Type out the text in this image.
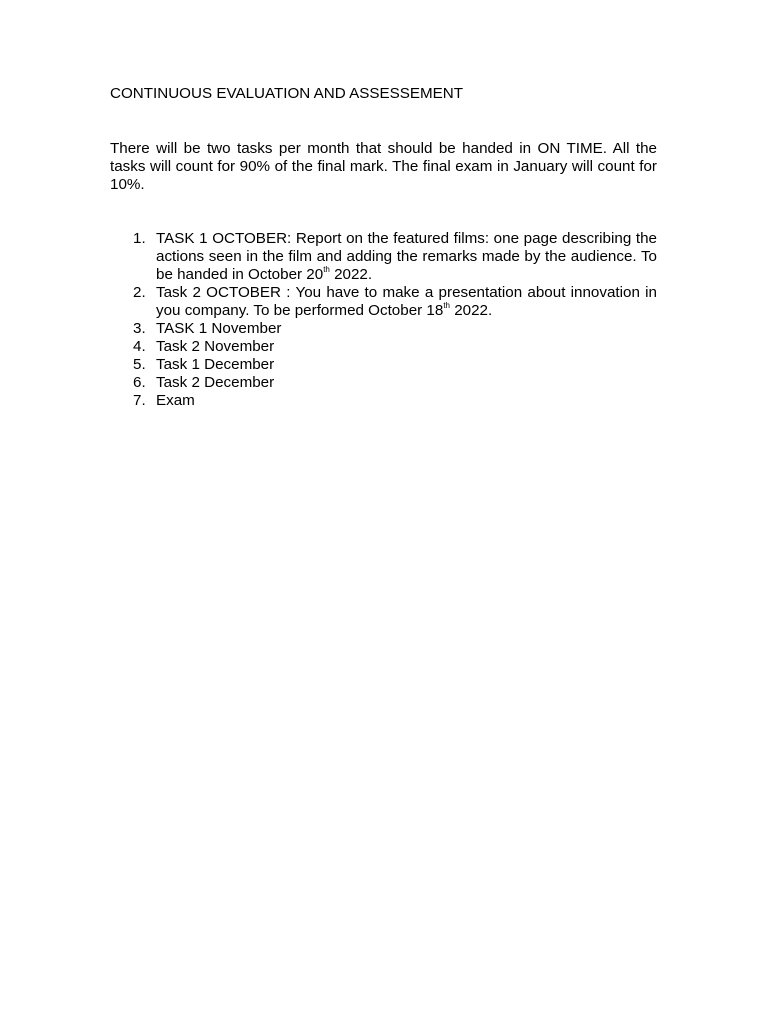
CONTINUOUS EVALUATION AND ASSESSEMENT

There will be two tasks per month that should be handed in ON TIME. All the tasks will count for 90% of the final mark. The final exam in January will count for 10%.

1. TASK 1 OCTOBER: Report on the featured films: one page describing the actions seen in the film and adding the remarks made by the audience. To be handed in October 20th 2022.
2. Task 2 OCTOBER : You have to make a presentation about innovation in you company. To be performed October 18th 2022.
3. TASK 1 November
4. Task 2 November
5. Task 1 December
6. Task 2 December
7. Exam
